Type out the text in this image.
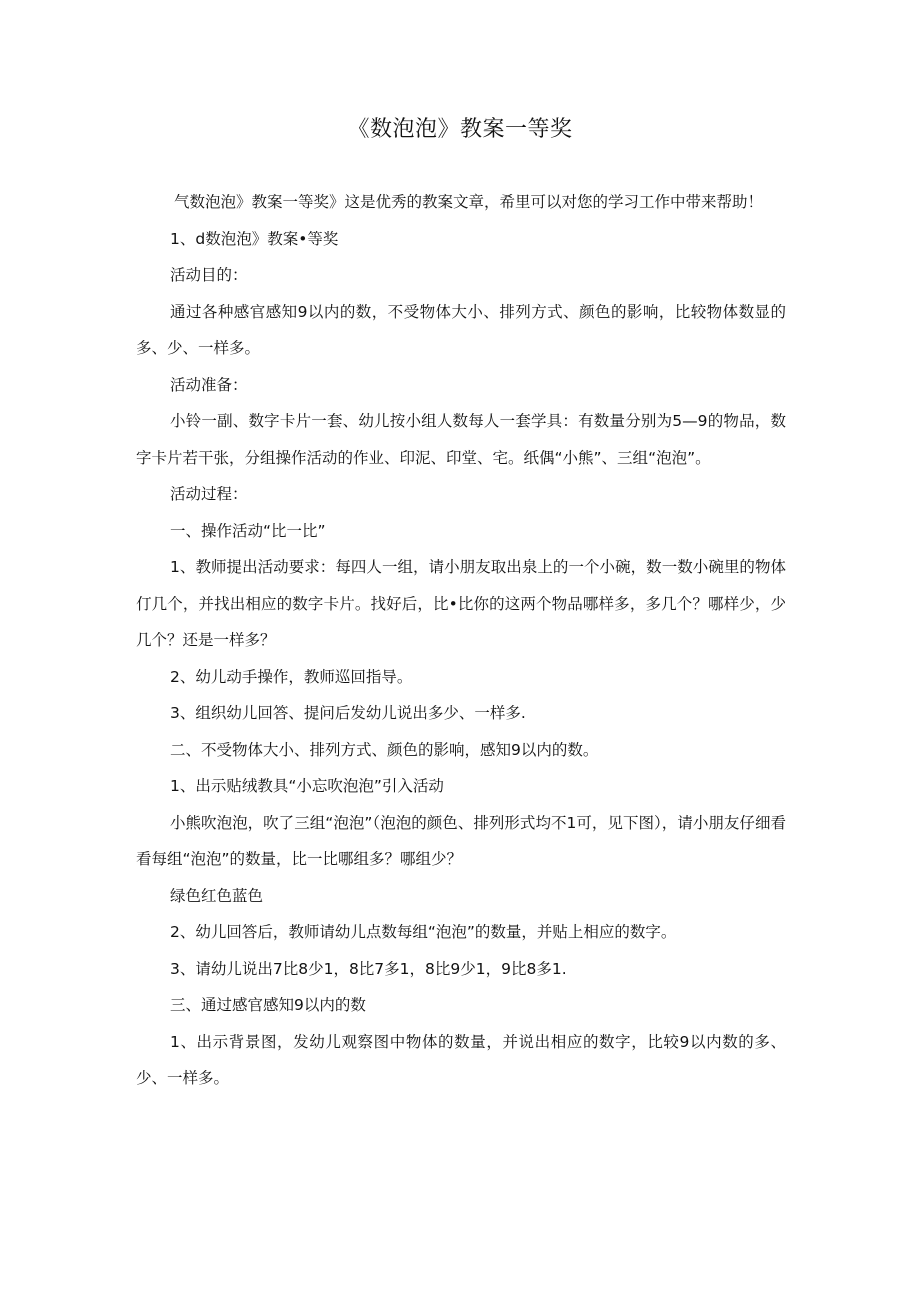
《数泡泡》教案一等奖

气数泡泡》教案一等奖》这是优秀的教案文章，希里可以对您的学习工作中带来帮助！

1、d数泡泡》教案•等奖

活动目的：

通过各种感官感知9以内的数，不受物体大小、排列方式、颜色的影响，比较物体数显的多、少、一样多。

活动准备：

小铃一副、数字卡片一套、幼儿按小组人数每人一套学具：有数量分别为5—9的物品，数字卡片若干张，分组操作活动的作业、印泥、印堂、宅。纸偶“小熊”、三组“泡泡”。

活动过程：

一、操作活动“比一比”

1、教师提出活动要求：每四人一组，请小朋友取出泉上的一个小碗，数一数小碗里的物体仃几个，并找出相应的数字卡片。找好后，比•比你的这两个物品哪样多，多几个？哪样少，少几个？还是一样多？

2、幼儿动手操作，教师巡回指导。

3、组织幼儿回答、提问后发幼儿说出多少、一样多.

二、不受物体大小、排列方式、颜色的影响，感知9以内的数。

1、出示贴绒教具“小忘吹泡泡”引入活动

小熊吹泡泡，吹了三组“泡泡”（泡泡的颜色、排列形式均不1可，见下图），请小朋友仔细看看每组“泡泡”的数量，比一比哪组多？哪组少？

绿色红色蓝色

2、幼儿回答后，教师请幼儿点数每组“泡泡”的数量，并贴上相应的数字。

3、请幼儿说出7比8少1，8比7多1，8比9少1，9比8多1.

三、通过感官感知9以内的数

1、出示背景图，发幼儿观察图中物体的数量，并说出相应的数字，比较9以内数的多、少、一样多。
